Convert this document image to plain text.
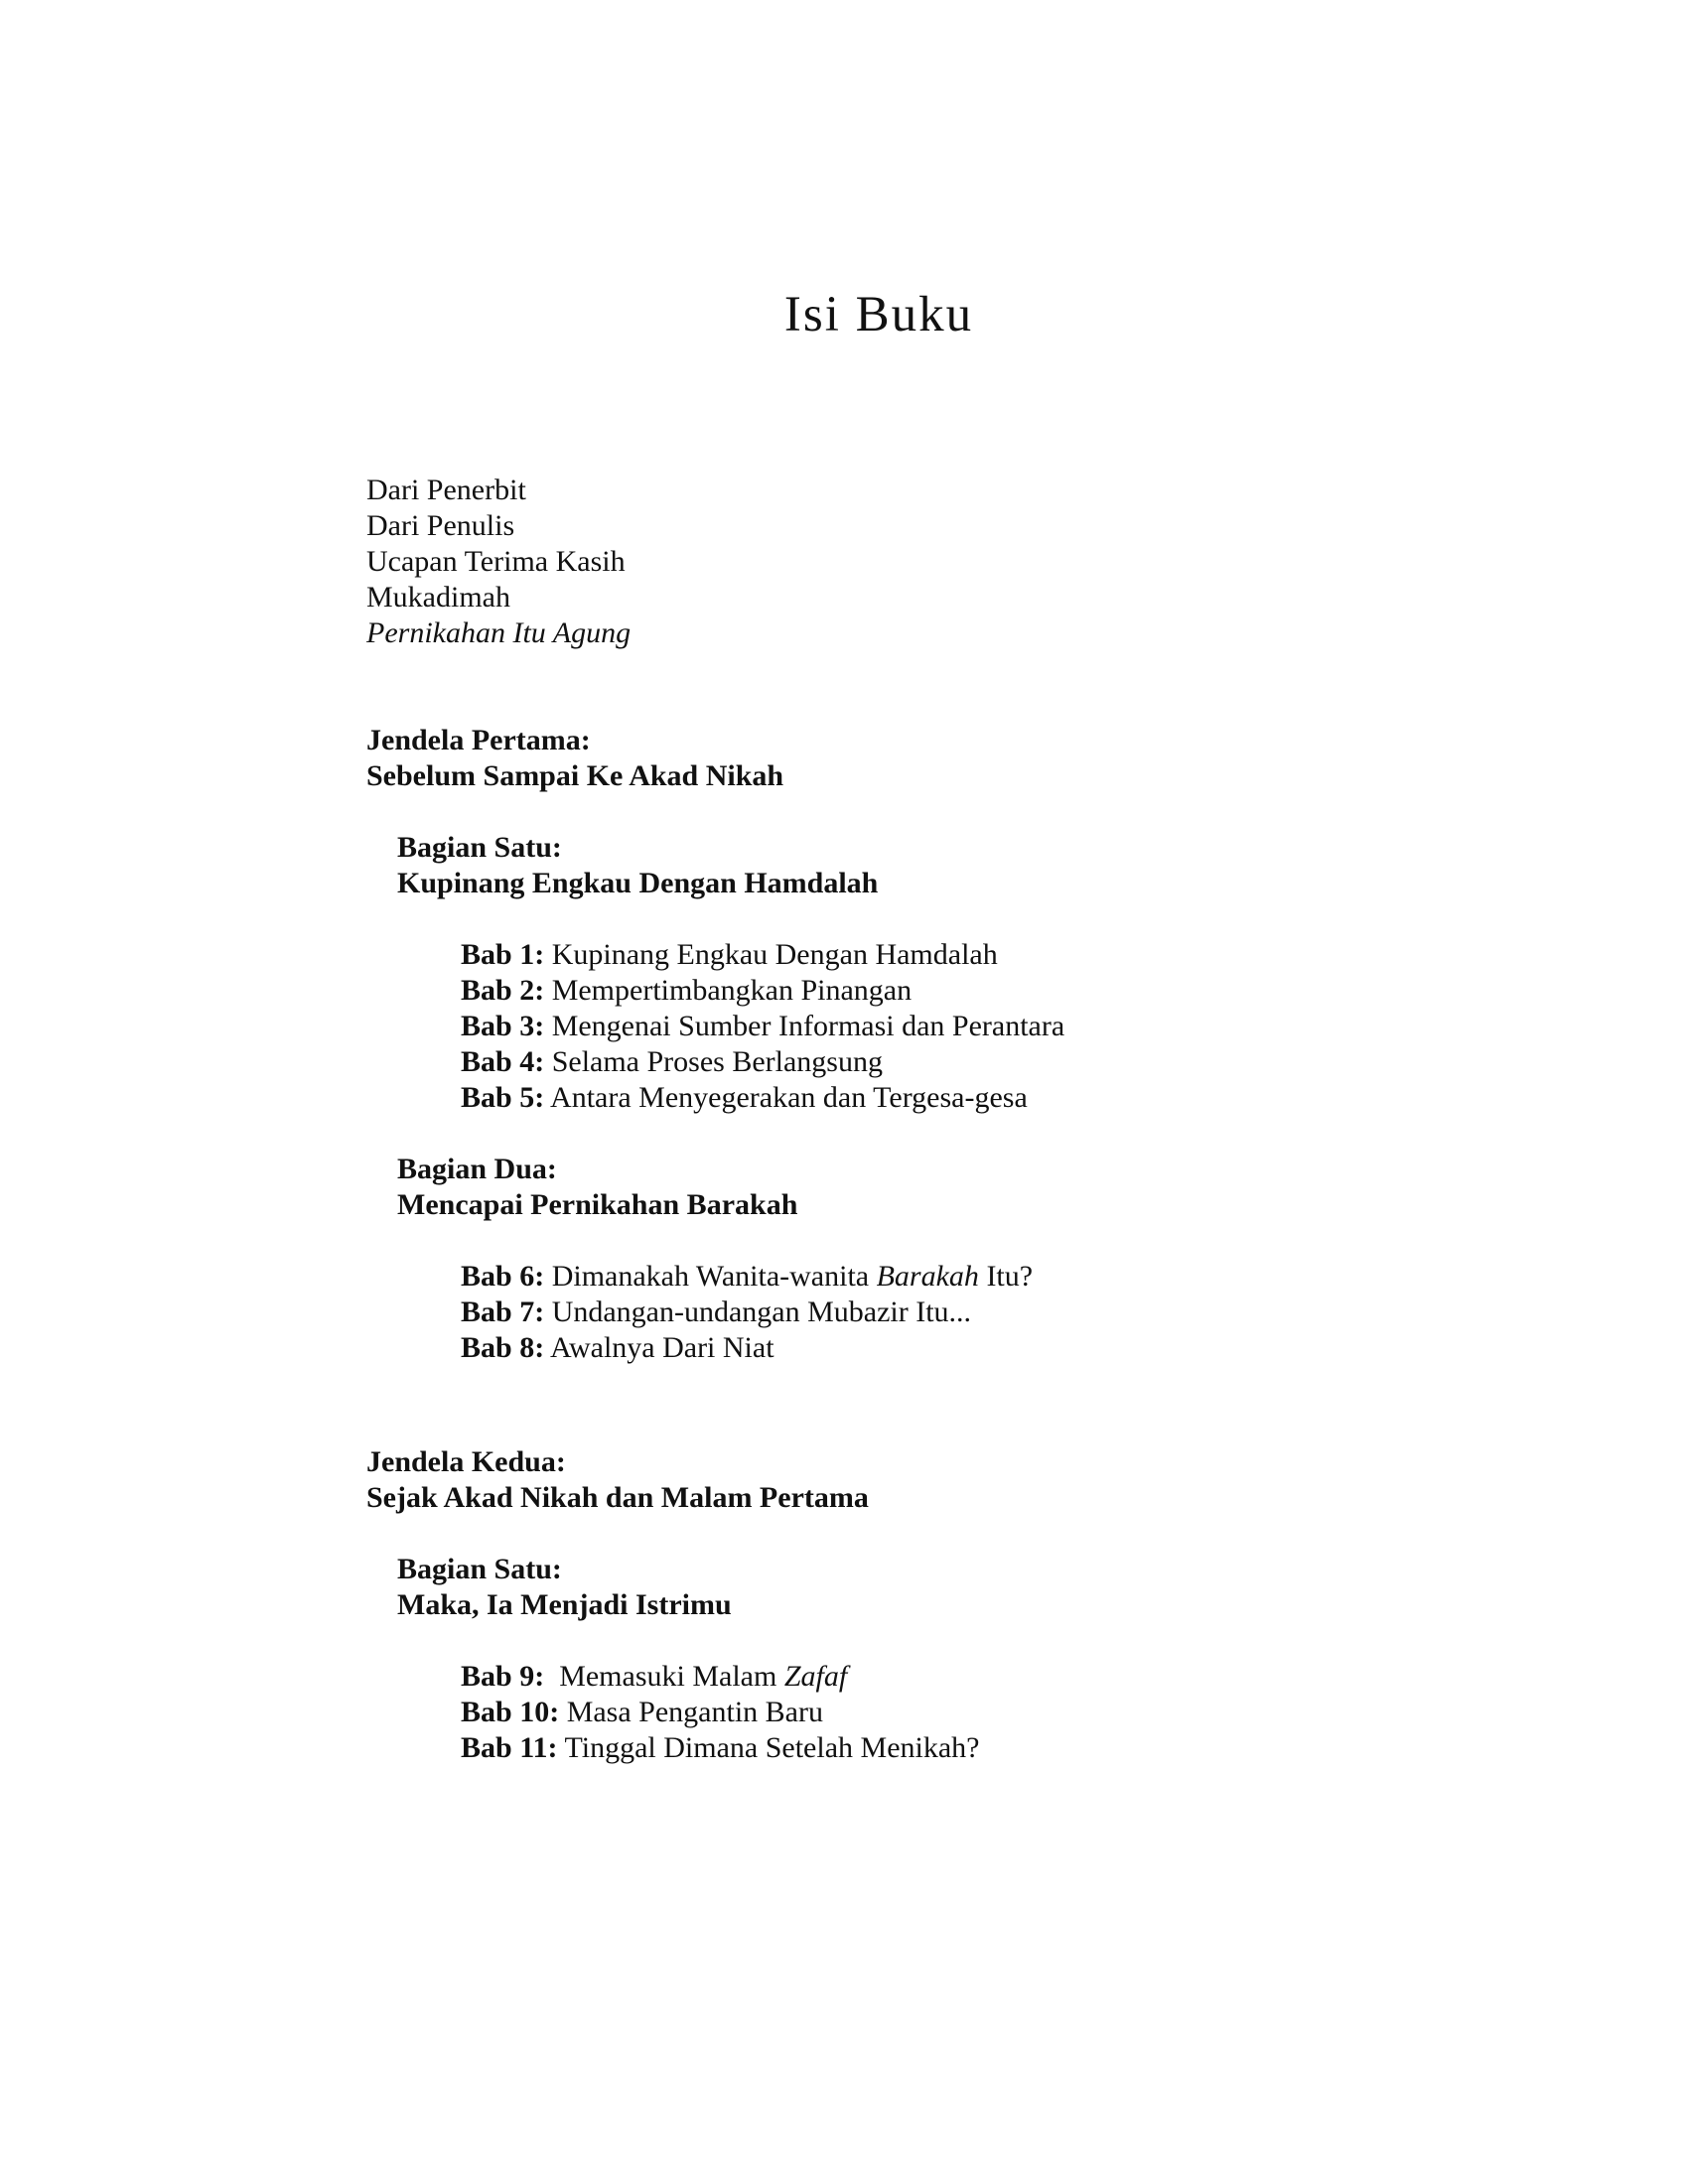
Isi Buku
Dari Penerbit
Dari Penulis
Ucapan Terima Kasih
Mukadimah
Pernikahan Itu Agung
Jendela Pertama:
Sebelum Sampai Ke Akad Nikah
Bagian Satu:
Kupinang Engkau Dengan Hamdalah
Bab 1: Kupinang Engkau Dengan Hamdalah
Bab 2: Mempertimbangkan Pinangan
Bab 3: Mengenai Sumber Informasi dan Perantara
Bab 4: Selama Proses Berlangsung
Bab 5: Antara Menyegerakan dan Tergesa-gesa
Bagian Dua:
Mencapai Pernikahan Barakah
Bab 6: Dimanakah Wanita-wanita Barakah Itu?
Bab 7: Undangan-undangan Mubazir Itu...
Bab 8: Awalnya Dari Niat
Jendela Kedua:
Sejak Akad Nikah dan Malam Pertama
Bagian Satu:
Maka, Ia Menjadi Istrimu
Bab 9:  Memasuki Malam Zafaf
Bab 10: Masa Pengantin Baru
Bab 11: Tinggal Dimana Setelah Menikah?
